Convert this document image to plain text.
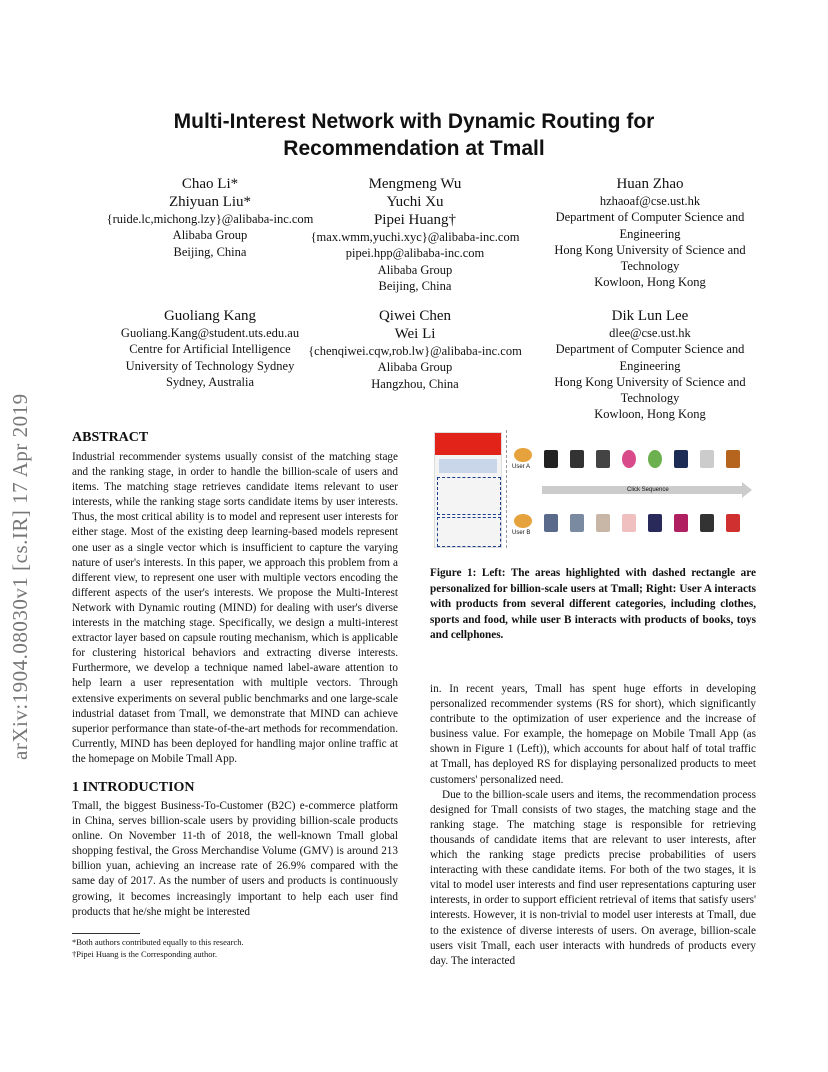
arXiv:1904.08030v1 [cs.IR] 17 Apr 2019
Multi-Interest Network with Dynamic Routing for
Recommendation at Tmall
Chao Li*
Zhiyuan Liu*
{ruide.lc,michong.lzy}@alibaba-inc.com
Alibaba Group
Beijing, China
Mengmeng Wu
Yuchi Xu
Pipei Huang†
{max.wmm,yuchi.xyc}@alibaba-inc.com
pipei.hpp@alibaba-inc.com
Alibaba Group
Beijing, China
Huan Zhao
hzhaoaf@cse.ust.hk
Department of Computer Science and
Engineering
Hong Kong University of Science and
Technology
Kowloon, Hong Kong
Guoliang Kang
Guoliang.Kang@student.uts.edu.au
Centre for Artificial Intelligence
University of Technology Sydney
Sydney, Australia
Qiwei Chen
Wei Li
{chenqiwei.cqw,rob.lw}@alibaba-inc.com
Alibaba Group
Hangzhou, China
Dik Lun Lee
dlee@cse.ust.hk
Department of Computer Science and
Engineering
Hong Kong University of Science and
Technology
Kowloon, Hong Kong
ABSTRACT
Industrial recommender systems usually consist of the matching stage and the ranking stage, in order to handle the billion-scale of users and items. The matching stage retrieves candidate items relevant to user interests, while the ranking stage sorts candidate items by user interests. Thus, the most critical ability is to model and represent user interests for either stage. Most of the existing deep learning-based models represent one user as a single vector which is insufficient to capture the varying nature of user's interests. In this paper, we approach this problem from a different view, to represent one user with multiple vectors encoding the different aspects of the user's interests. We propose the Multi-Interest Network with Dynamic routing (MIND) for dealing with user's diverse interests in the matching stage. Specifically, we design a multi-interest extractor layer based on capsule routing mechanism, which is applicable for clustering historical behaviors and extracting diverse interests. Furthermore, we develop a technique named label-aware attention to help learn a user representation with multiple vectors. Through extensive experiments on several public benchmarks and one large-scale industrial dataset from Tmall, we demonstrate that MIND can achieve superior performance than state-of-the-art methods for recommendation. Currently, MIND has been deployed for handling major online traffic at the homepage on Mobile Tmall App.
1 INTRODUCTION
Tmall, the biggest Business-To-Customer (B2C) e-commerce platform in China, serves billion-scale users by providing billion-scale products online. On November 11-th of 2018, the well-known Tmall global shopping festival, the Gross Merchandise Volume (GMV) is around 213 billion yuan, achieving an increase rate of 26.9% compared with the same day of 2017. As the number of users and products is continuously growing, it becomes increasingly important to help each user find products that he/she might be interested
*Both authors contributed equally to this research.
†Pipei Huang is the Corresponding author.
User A
Click Sequence
User B
Figure 1: Left: The areas highlighted with dashed rectangle are personalized for billion-scale users at Tmall; Right: User A interacts with products from several different categories, including clothes, sports and food, while user B interacts with products of books, toys and cellphones.
in. In recent years, Tmall has spent huge efforts in developing personalized recommender systems (RS for short), which significantly contribute to the optimization of user experience and the increase of business value. For example, the homepage on Mobile Tmall App (as shown in Figure 1 (Left)), which accounts for about half of total traffic at Tmall, has deployed RS for displaying personalized products to meet customers' personalized need.
Due to the billion-scale users and items, the recommendation process designed for Tmall consists of two stages, the matching stage and the ranking stage. The matching stage is responsible for retrieving thousands of candidate items that are relevant to user interests, after which the ranking stage predicts precise probabilities of users interacting with these candidate items. For both of the two stages, it is vital to model user interests and find user representations capturing user interests, in order to support efficient retrieval of items that satisfy users' interests. However, it is non-trivial to model user interests at Tmall, due to the existence of diverse interests of users. On average, billion-scale users visit Tmall, each user interacts with hundreds of products every day. The interacted
